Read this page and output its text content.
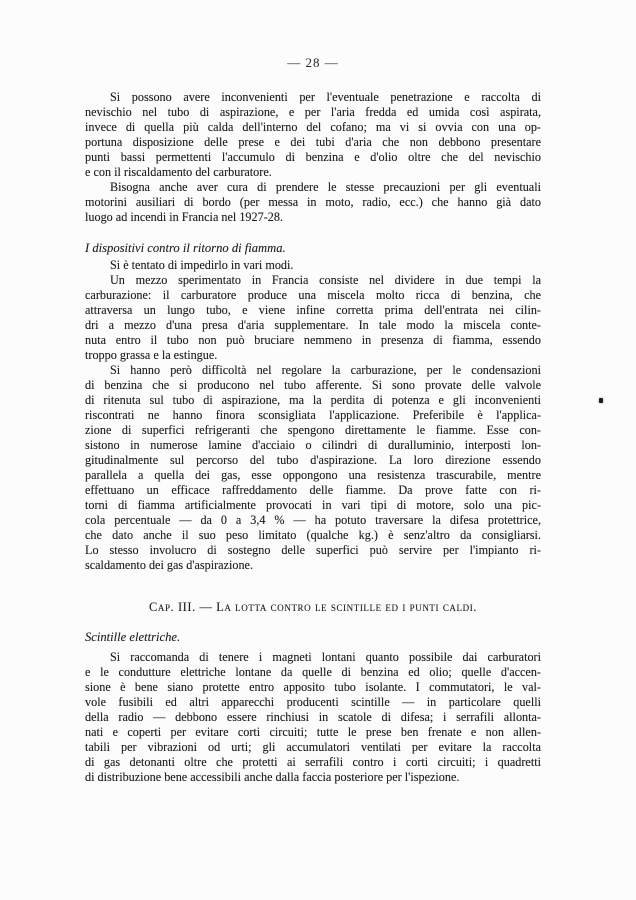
— 28 —
Si possono avere inconvenienti per l'eventuale penetrazione e raccolta di
nevischio nel tubo di aspirazione, e per l'aria fredda ed umida così aspirata,
invece di quella più calda dell'interno del cofano; ma vi si ovvia con una op-
portuna disposizione delle prese e dei tubi d'aria che non debbono presentare
punti bassi permettenti l'accumulo di benzina e d'olio oltre che del nevischio
e con il riscaldamento del carburatore.
Bisogna anche aver cura di prendere le stesse precauzioni per gli eventuali
motorini ausiliari di bordo (per messa in moto, radio, ecc.) che hanno già dato
luogo ad incendi in Francia nel 1927-28.
I dispositivi contro il ritorno di fiamma.
Si è tentato di impedirlo in vari modi.
Un mezzo sperimentato in Francia consiste nel dividere in due tempi la
carburazione: il carburatore produce una miscela molto ricca di benzina, che
attraversa un lungo tubo, e viene infine corretta prima dell'entrata nei cilin-
dri a mezzo d'una presa d'aria supplementare. In tale modo la miscela conte-
nuta entro il tubo non può bruciare nemmeno in presenza di fiamma, essendo
troppo grassa e la estingue.
Si hanno però difficoltà nel regolare la carburazione, per le condensazioni
di benzina che si producono nel tubo afferente. Si sono provate delle valvole
di ritenuta sul tubo di aspirazione, ma la perdita di potenza e gli inconvenienti
riscontrati ne hanno finora sconsigliata l'applicazione. Preferibile è l'applica-
zione di superfici refrigeranti che spengono direttamente le fiamme. Esse con-
sistono in numerose lamine d'acciaio o cilindri di duralluminio, interposti lon-
gitudinalmente sul percorso del tubo d'aspirazione. La loro direzione essendo
parallela a quella dei gas, esse oppongono una resistenza trascurabile, mentre
effettuano un efficace raffreddamento delle fiamme. Da prove fatte con ri-
torni di fiamma artificialmente provocati in vari tipi di motore, solo una pic-
cola percentuale — da 0 a 3,4 % — ha potuto traversare la difesa protettrice,
che dato anche il suo peso limitato (qualche kg.) è senz'altro da consigliarsi.
Lo stesso involucro di sostegno delle superfici può servire per l'impianto ri-
scaldamento dei gas d'aspirazione.
Cap. III. — La lotta contro le scintille ed i punti caldi.
Scintille elettriche.
Si raccomanda di tenere i magneti lontani quanto possibile dai carburatori
e le condutture elettriche lontane da quelle di benzina ed olio; quelle d'accen-
sione è bene siano protette entro apposito tubo isolante. I commutatori, le val-
vole fusibili ed altri apparecchi producenti scintille — in particolare quelli
della radio — debbono essere rinchiusi in scatole di difesa; i serrafili allonta-
nati e coperti per evitare corti circuiti; tutte le prese ben frenate e non allen-
tabili per vibrazioni od urti; gli accumulatori ventilati per evitare la raccolta
di gas detonanti oltre che protetti ai serrafili contro i corti circuiti; i quadretti
di distribuzione bene accessibili anche dalla faccia posteriore per l'ispezione.
